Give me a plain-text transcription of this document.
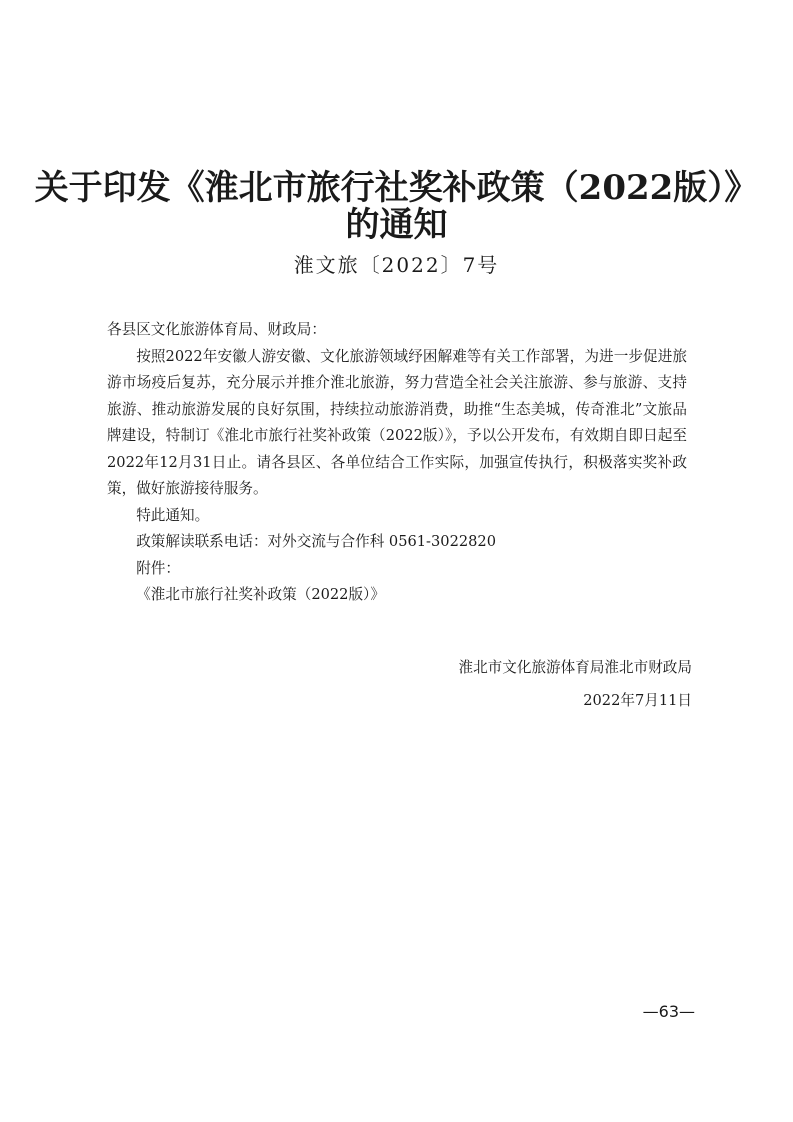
关于印发《淮北市旅行社奖补政策（2022版）》
的通知
淮文旅〔2022〕7号

各县区文化旅游体育局、财政局：

按照2022年安徽人游安徽、文化旅游领域纾困解难等有关工作部署，为进一步促进旅游市场疫后复苏，充分展示并推介淮北旅游，努力营造全社会关注旅游、参与旅游、支持旅游、推动旅游发展的良好氛围，持续拉动旅游消费，助推“生态美城，传奇淮北”文旅品牌建设，特制订《淮北市旅行社奖补政策（2022版）》，予以公开发布，有效期自即日起至2022年12月31日止。请各县区、各单位结合工作实际，加强宣传执行，积极落实奖补政策，做好旅游接待服务。

特此通知。

政策解读联系电话：对外交流与合作科 0561-3022820

附件：

《淮北市旅行社奖补政策（2022版）》

淮北市文化旅游体育局淮北市财政局
2022年7月11日
—63—
